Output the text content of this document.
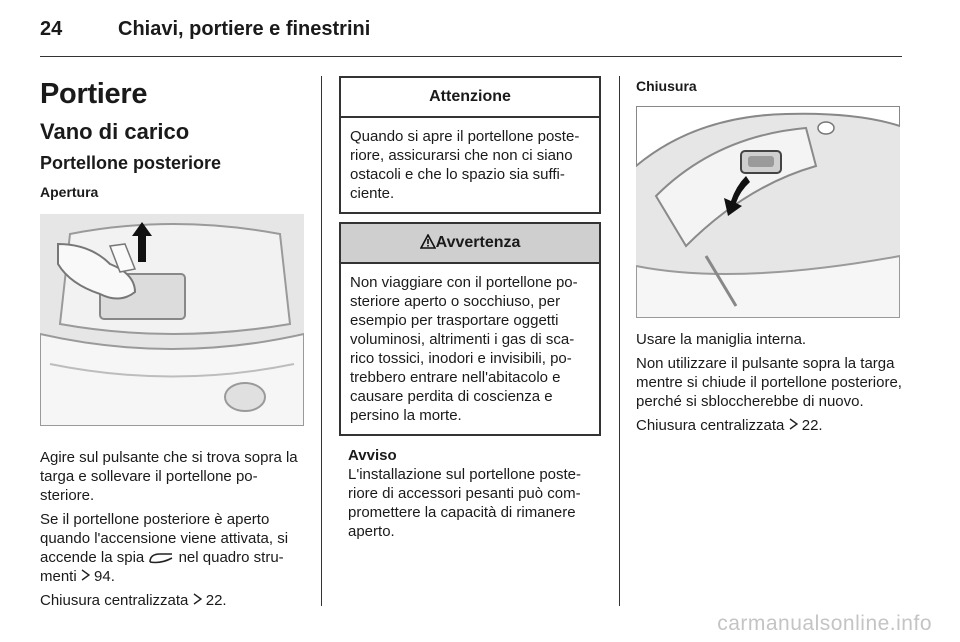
24	Chiavi, portiere e finestrini
Portiere
Vano di carico
Portellone posteriore
Apertura

Agire sul pulsante che si trova sopra la targa e sollevare il portellone posteriore.

Se il portellone posteriore è aperto quando l'accensione viene attivata, si accende la spia nel quadro strumenti 94.

Chiusura centralizzata 22.

Attenzione
Quando si apre il portellone posteriore, assicurarsi che non ci siano ostacoli e che lo spazio sia sufficiente.
Avvertenza
Non viaggiare con il portellone posteriore aperto o socchiuso, per esempio per trasportare oggetti voluminosi, altrimenti i gas di scarico tossici, inodori e invisibili, potrebbero entrare nell'abitacolo e causare perdita di coscienza e persino la morte.
Avviso

L'installazione sul portellone posteriore di accessori pesanti può compromettere la capacità di rimanere aperto.

Chiusura

Usare la maniglia interna.

Non utilizzare il pulsante sopra la targa mentre si chiude il portellone posteriore, perché si sbloccherebbe di nuovo.

Chiusura centralizzata 22.

carmanualsonline.info
